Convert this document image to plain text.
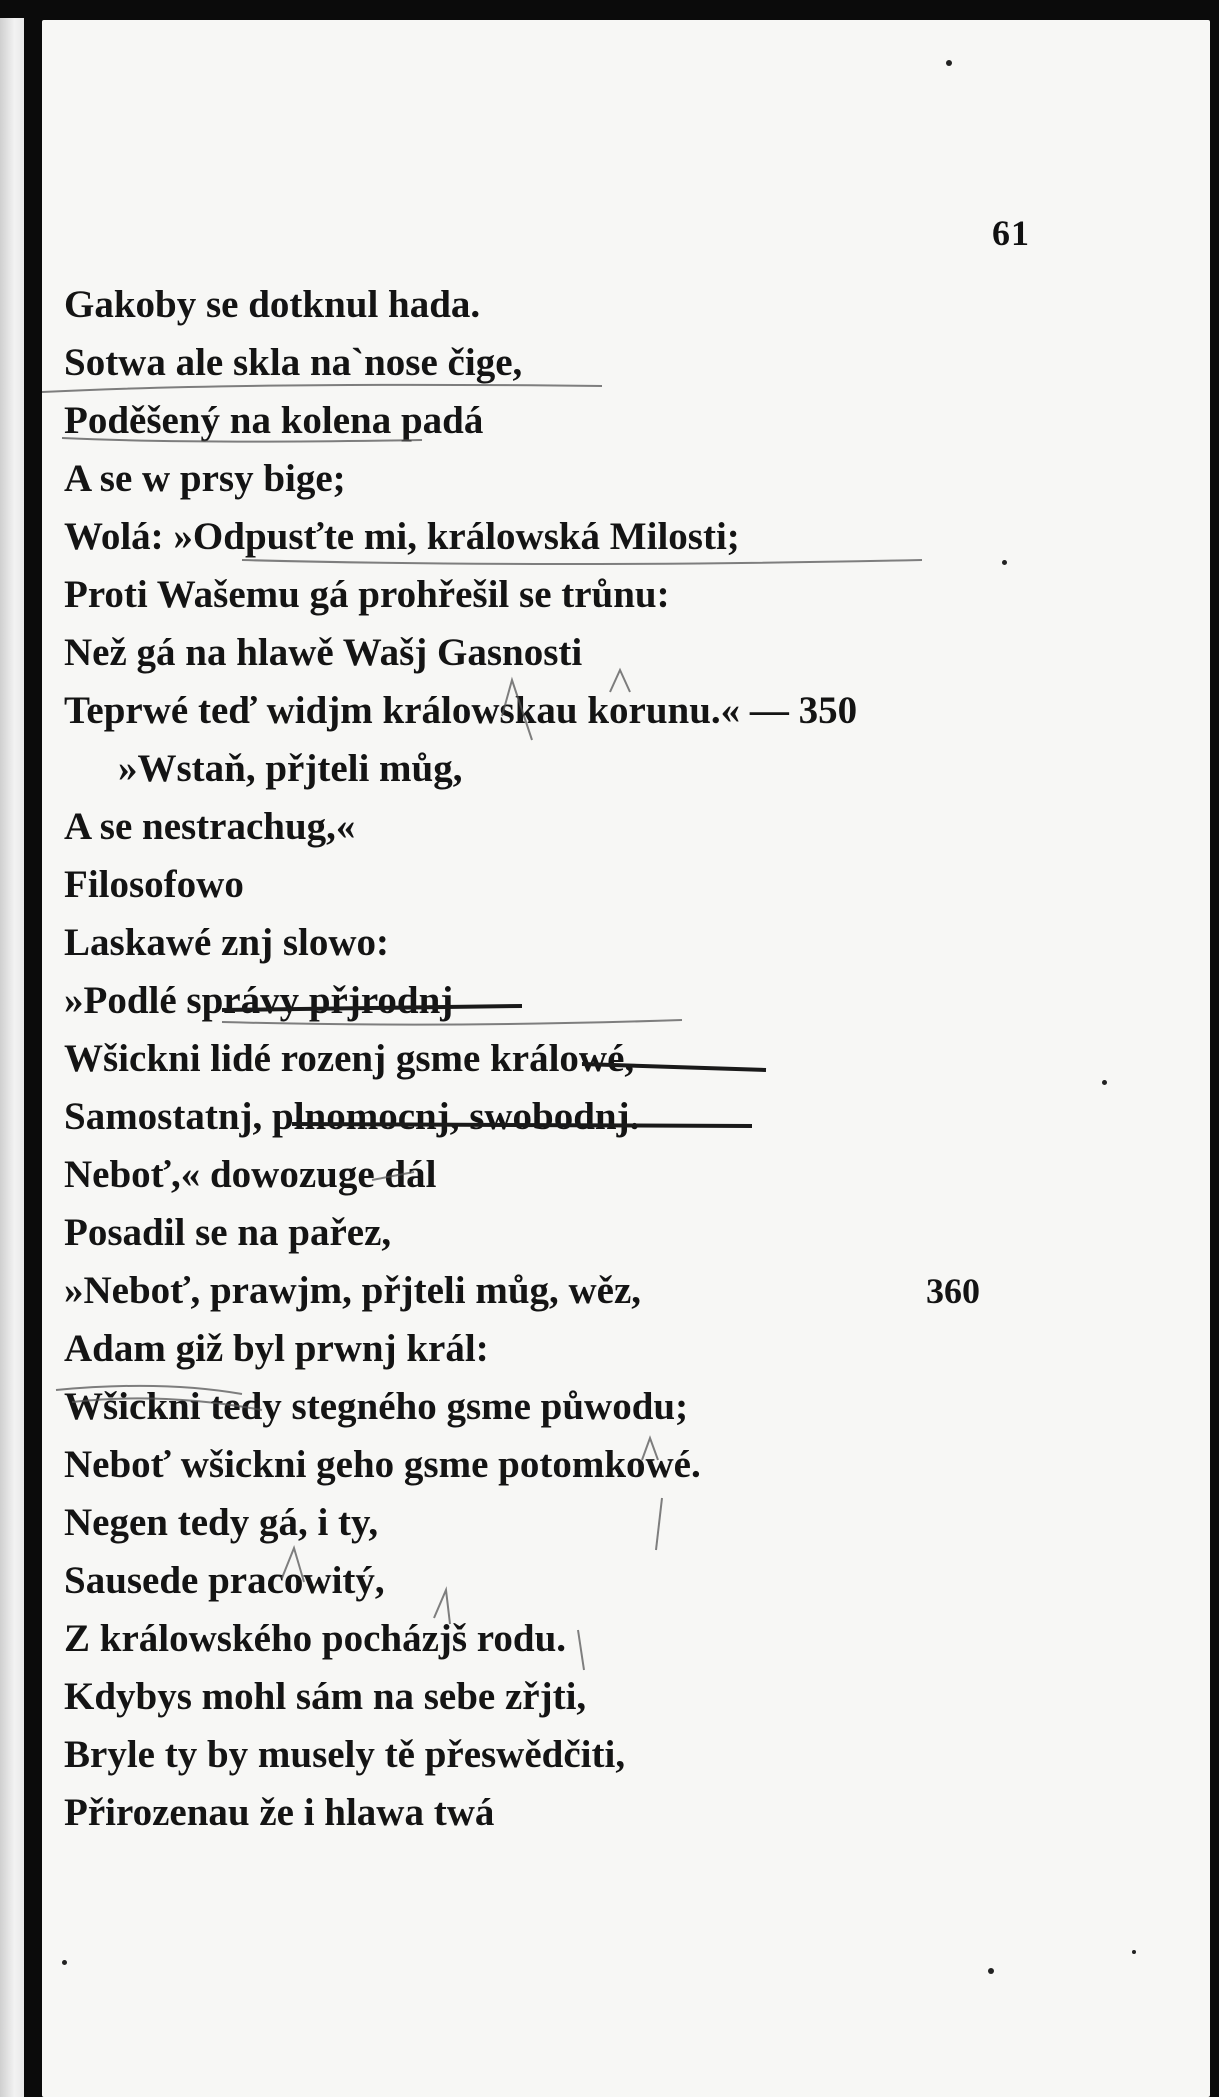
61
Gakoby se dotknul hada.
Sotwa ale skla na`nose čige,
Poděšený na kolena padá
A se w prsy bige;
Wolá: »Odpusťte mi, králowská Milosti;
Proti Wašemu gá prohřešil se trůnu:
Než gá na hlawě Wašj Gasnosti
Teprwé teď widjm králowskau korunu.« — 350
»Wstaň, přjteli můg,
A se nestrachug,«
Filosofowo
Laskawé znj slowo:
»Podlé správy přjrodnj
Wšickni lidé rozenj gsme králowé,
Samostatnj, plnomocnj, swobodnj.
Neboť,« dowozuge dál
Posadil se na pařez,
»Neboť, prawjm, přjteli můg, wěz,	360
Adam giž byl prwnj král:
Wšickni tedy stegného gsme půwodu;
Neboť wšickni geho gsme potomkowé.
Negen tedy gá, i ty,
Sausede pracowitý,
Z králowského pocházjš rodu.
Kdybys mohl sám na sebe zřjti,
Bryle ty by musely tě přeswědčiti,
Přirozenau že i hlawa twá
